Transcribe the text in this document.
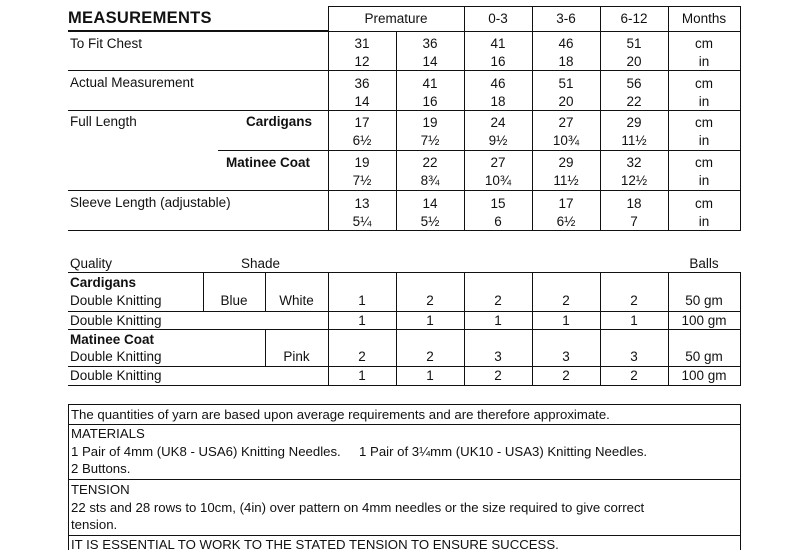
MEASUREMENTS	Premature	0-3	3-6	6-12	Months
To Fit Chest	31	36	41	46	51	cm
12	14	16	18	20	in
Actual Measurement	36	41	46	51	56	cm
14	16	18	20	22	in
Full Length	Cardigans	17	19	24	27	29	cm
6½	7½	9½	10¾	11½	in
Matinee Coat	19	22	27	29	32	cm
7½	8¾	10¾	11½	12½	in
Sleeve Length (adjustable)	13	14	15	17	18	cm
5¼	5½	6	6½	7	in
Quality	Shade	Balls
Cardigans
Double Knitting	Blue	White	1	2	2	2	2	50 gm
Double Knitting	1	1	1	1	1	100 gm
Matinee Coat
Double Knitting	Pink	2	2	3	3	3	50 gm
Double Knitting	1	1	2	2	2	100 gm
The quantities of yarn are based upon average requirements and are therefore approximate.
MATERIALS
1 Pair of 4mm (UK8 - USA6) Knitting Needles.     1 Pair of 3¼mm (UK10 - USA3) Knitting Needles.
2 Buttons.
TENSION
22 sts and 28 rows to 10cm, (4in) over pattern on 4mm needles or the size required to give correct
tension.
IT IS ESSENTIAL TO WORK TO THE STATED TENSION TO ENSURE SUCCESS.
